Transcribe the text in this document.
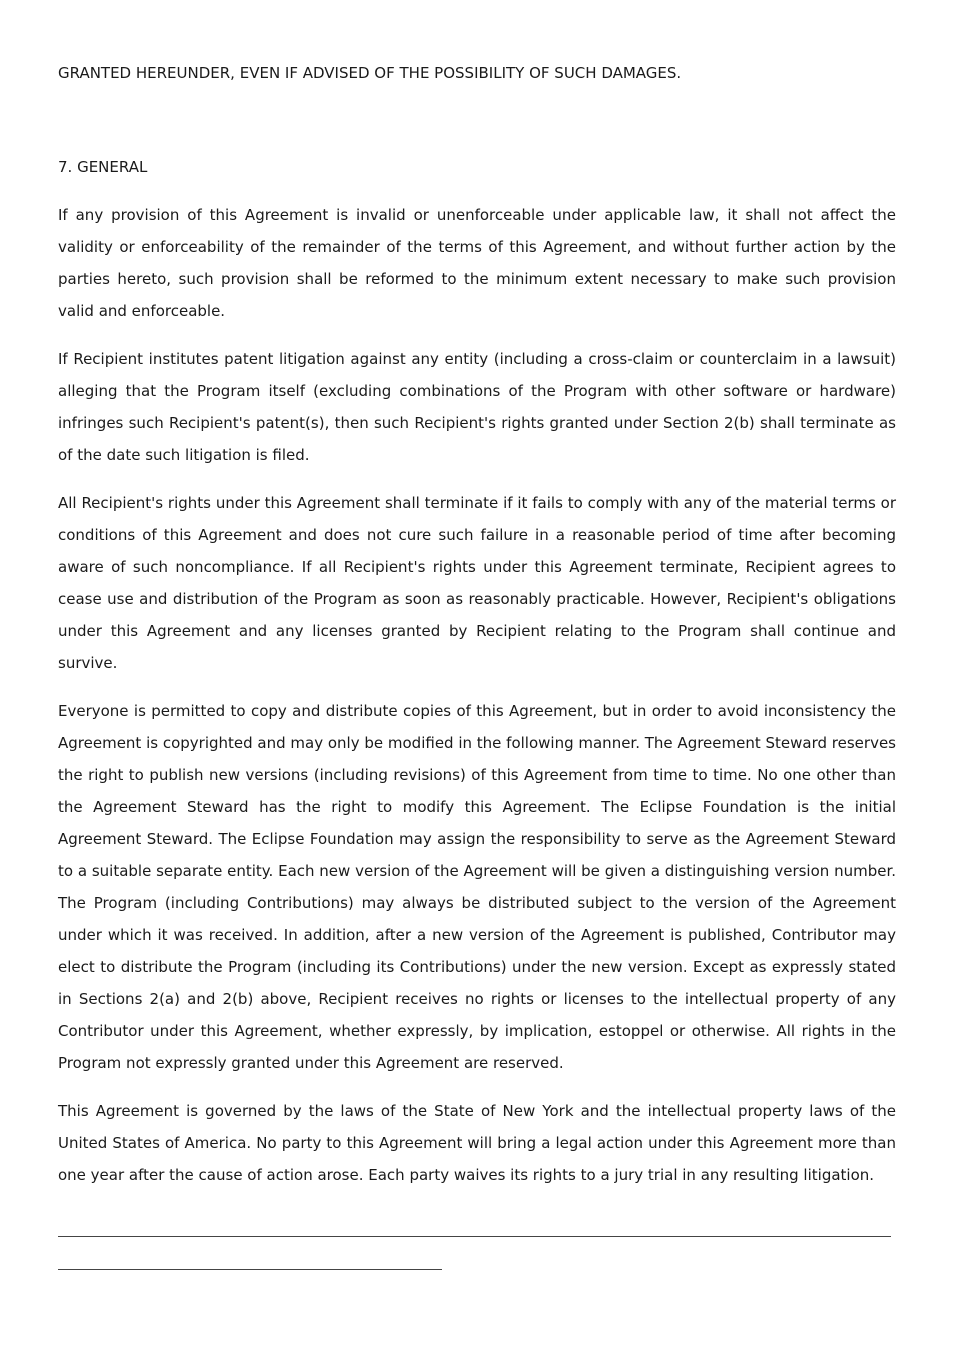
GRANTED HEREUNDER, EVEN IF ADVISED OF THE POSSIBILITY OF SUCH DAMAGES.

7. GENERAL

If any provision of this Agreement is invalid or unenforceable under applicable law, it shall not affect the validity or enforceability of the remainder of the terms of this Agreement, and without further action by the parties hereto, such provision shall be reformed to the minimum extent necessary to make such provision valid and enforceable.

If Recipient institutes patent litigation against any entity (including a cross-claim or counterclaim in a lawsuit) alleging that the Program itself (excluding combinations of the Program with other software or hardware) infringes such Recipient's patent(s), then such Recipient's rights granted under Section 2(b) shall terminate as of the date such litigation is filed.

All Recipient's rights under this Agreement shall terminate if it fails to comply with any of the material terms or conditions of this Agreement and does not cure such failure in a reasonable period of time after becoming aware of such noncompliance. If all Recipient's rights under this Agreement terminate, Recipient agrees to cease use and distribution of the Program as soon as reasonably practicable. However, Recipient's obligations under this Agreement and any licenses granted by Recipient relating to the Program shall continue and survive.

Everyone is permitted to copy and distribute copies of this Agreement, but in order to avoid inconsistency the Agreement is copyrighted and may only be modified in the following manner. The Agreement Steward reserves the right to publish new versions (including revisions) of this Agreement from time to time. No one other than the Agreement Steward has the right to modify this Agreement. The Eclipse Foundation is the initial Agreement Steward. The Eclipse Foundation may assign the responsibility to serve as the Agreement Steward to a suitable separate entity. Each new version of the Agreement will be given a distinguishing version number. The Program (including Contributions) may always be distributed subject to the version of the Agreement under which it was received. In addition, after a new version of the Agreement is published, Contributor may elect to distribute the Program (including its Contributions) under the new version. Except as expressly stated in Sections 2(a) and 2(b) above, Recipient receives no rights or licenses to the intellectual property of any Contributor under this Agreement, whether expressly, by implication, estoppel or otherwise. All rights in the Program not expressly granted under this Agreement are reserved.

This Agreement is governed by the laws of the State of New York and the intellectual property laws of the United States of America. No party to this Agreement will bring a legal action under this Agreement more than one year after the cause of action arose. Each party waives its rights to a jury trial in any resulting litigation.
